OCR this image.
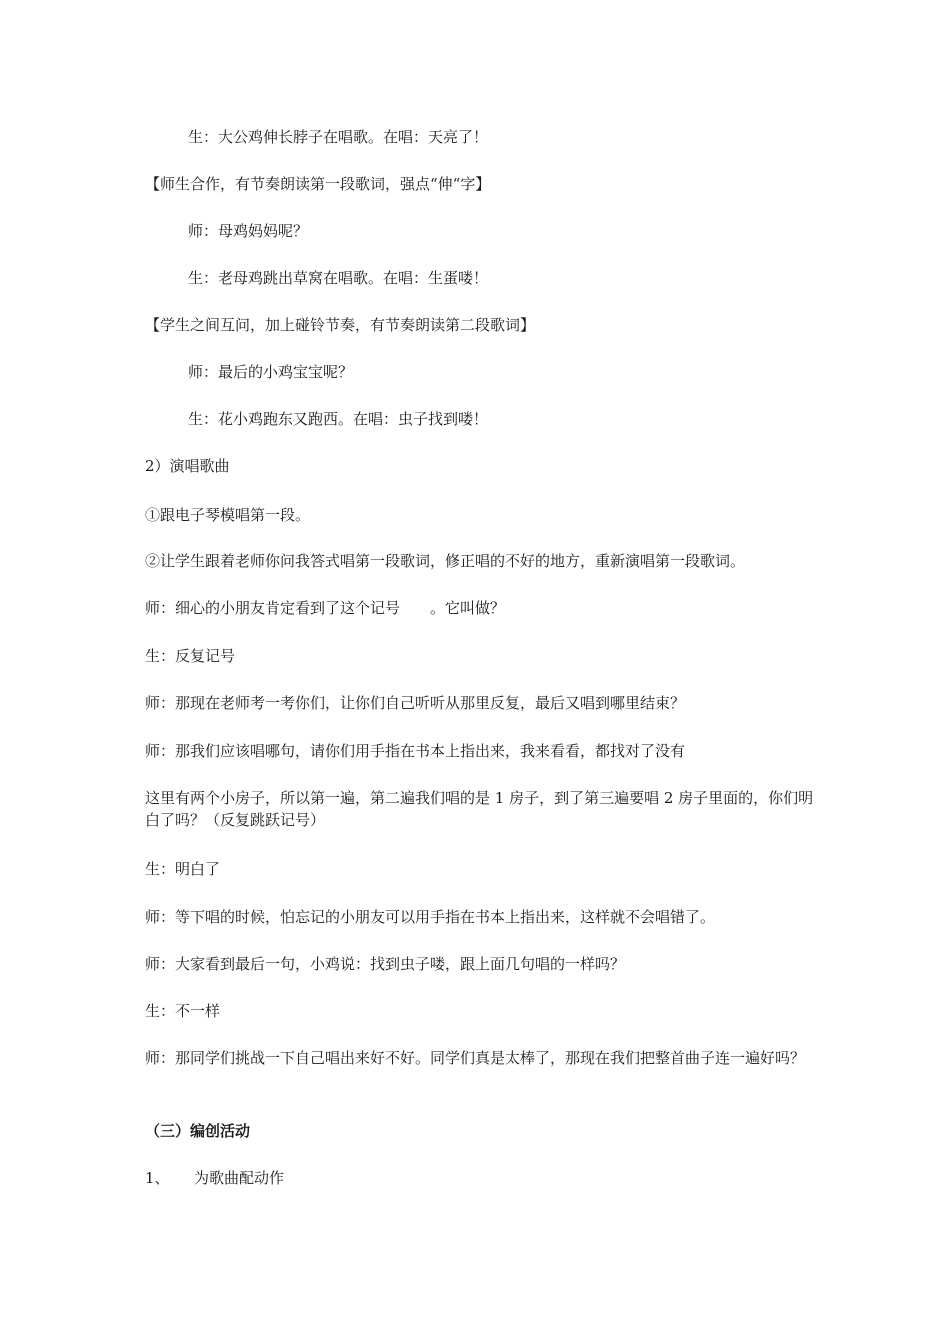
生：大公鸡伸长脖子在唱歌。在唱：天亮了！
【师生合作，有节奏朗读第一段歌词，强点“伸“字】
师：母鸡妈妈呢？
生：老母鸡跳出草窝在唱歌。在唱：生蛋喽！
【学生之间互问，加上碰铃节奏，有节奏朗读第二段歌词】
师：最后的小鸡宝宝呢？
生：花小鸡跑东又跑西。在唱：虫子找到喽！
2）演唱歌曲
①跟电子琴模唱第一段。
②让学生跟着老师你问我答式唱第一段歌词，修正唱的不好的地方，重新演唱第一段歌词。
师：细心的小朋友肯定看到了这个记号　　。它叫做？
生：反复记号
师：那现在老师考一考你们，让你们自己听听从那里反复，最后又唱到哪里结束？
师：那我们应该唱哪句，请你们用手指在书本上指出来，我来看看，都找对了没有
这里有两个小房子，所以第一遍，第二遍我们唱的是 1 房子，到了第三遍要唱 2 房子里面的，你们明白了吗？（反复跳跃记号）
生：明白了
师：等下唱的时候，怕忘记的小朋友可以用手指在书本上指出来，这样就不会唱错了。
师：大家看到最后一句，小鸡说：找到虫子喽，跟上面几句唱的一样吗？
生：不一样
师：那同学们挑战一下自己唱出来好不好。同学们真是太棒了，那现在我们把整首曲子连一遍好吗？
（三）编创活动
1、 为歌曲配动作
